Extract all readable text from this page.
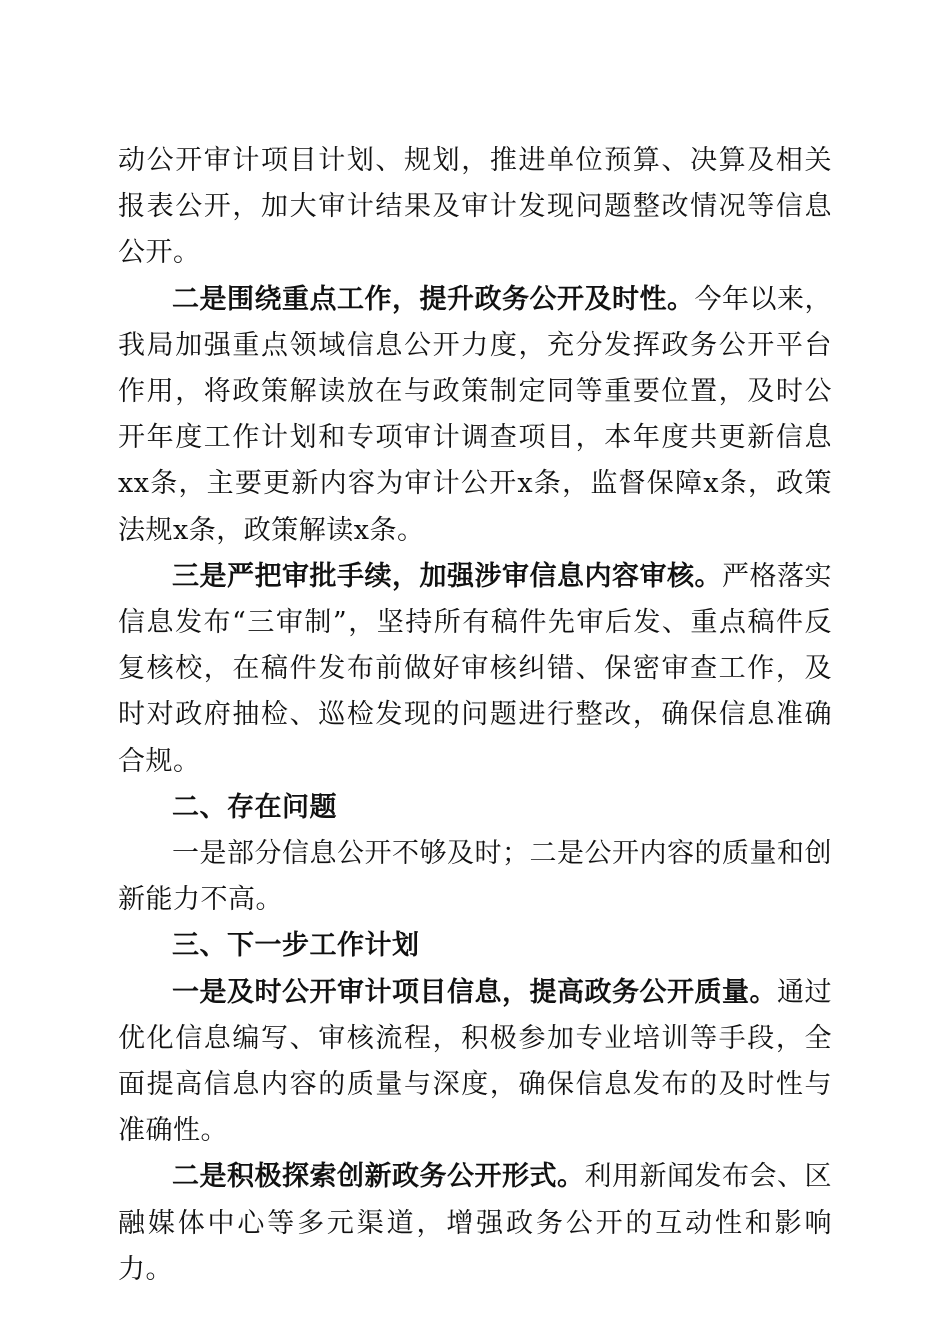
动公开审计项目计划、规划，推进单位预算、决算及相关报表公开，加大审计结果及审计发现问题整改情况等信息公开。

二是围绕重点工作，提升政务公开及时性。今年以来，我局加强重点领域信息公开力度，充分发挥政务公开平台作用，将政策解读放在与政策制定同等重要位置，及时公开年度工作计划和专项审计调查项目，本年度共更新信息xx条，主要更新内容为审计公开x条，监督保障x条，政策法规x条，政策解读x条。

三是严把审批手续，加强涉审信息内容审核。严格落实信息发布“三审制”，坚持所有稿件先审后发、重点稿件反复核校，在稿件发布前做好审核纠错、保密审查工作，及时对政府抽检、巡检发现的问题进行整改，确保信息准确合规。

二、存在问题

一是部分信息公开不够及时；二是公开内容的质量和创新能力不高。

三、下一步工作计划

一是及时公开审计项目信息，提高政务公开质量。通过优化信息编写、审核流程，积极参加专业培训等手段，全面提高信息内容的质量与深度，确保信息发布的及时性与准确性。

二是积极探索创新政务公开形式。利用新闻发布会、区融媒体中心等多元渠道，增强政务公开的互动性和影响力。
